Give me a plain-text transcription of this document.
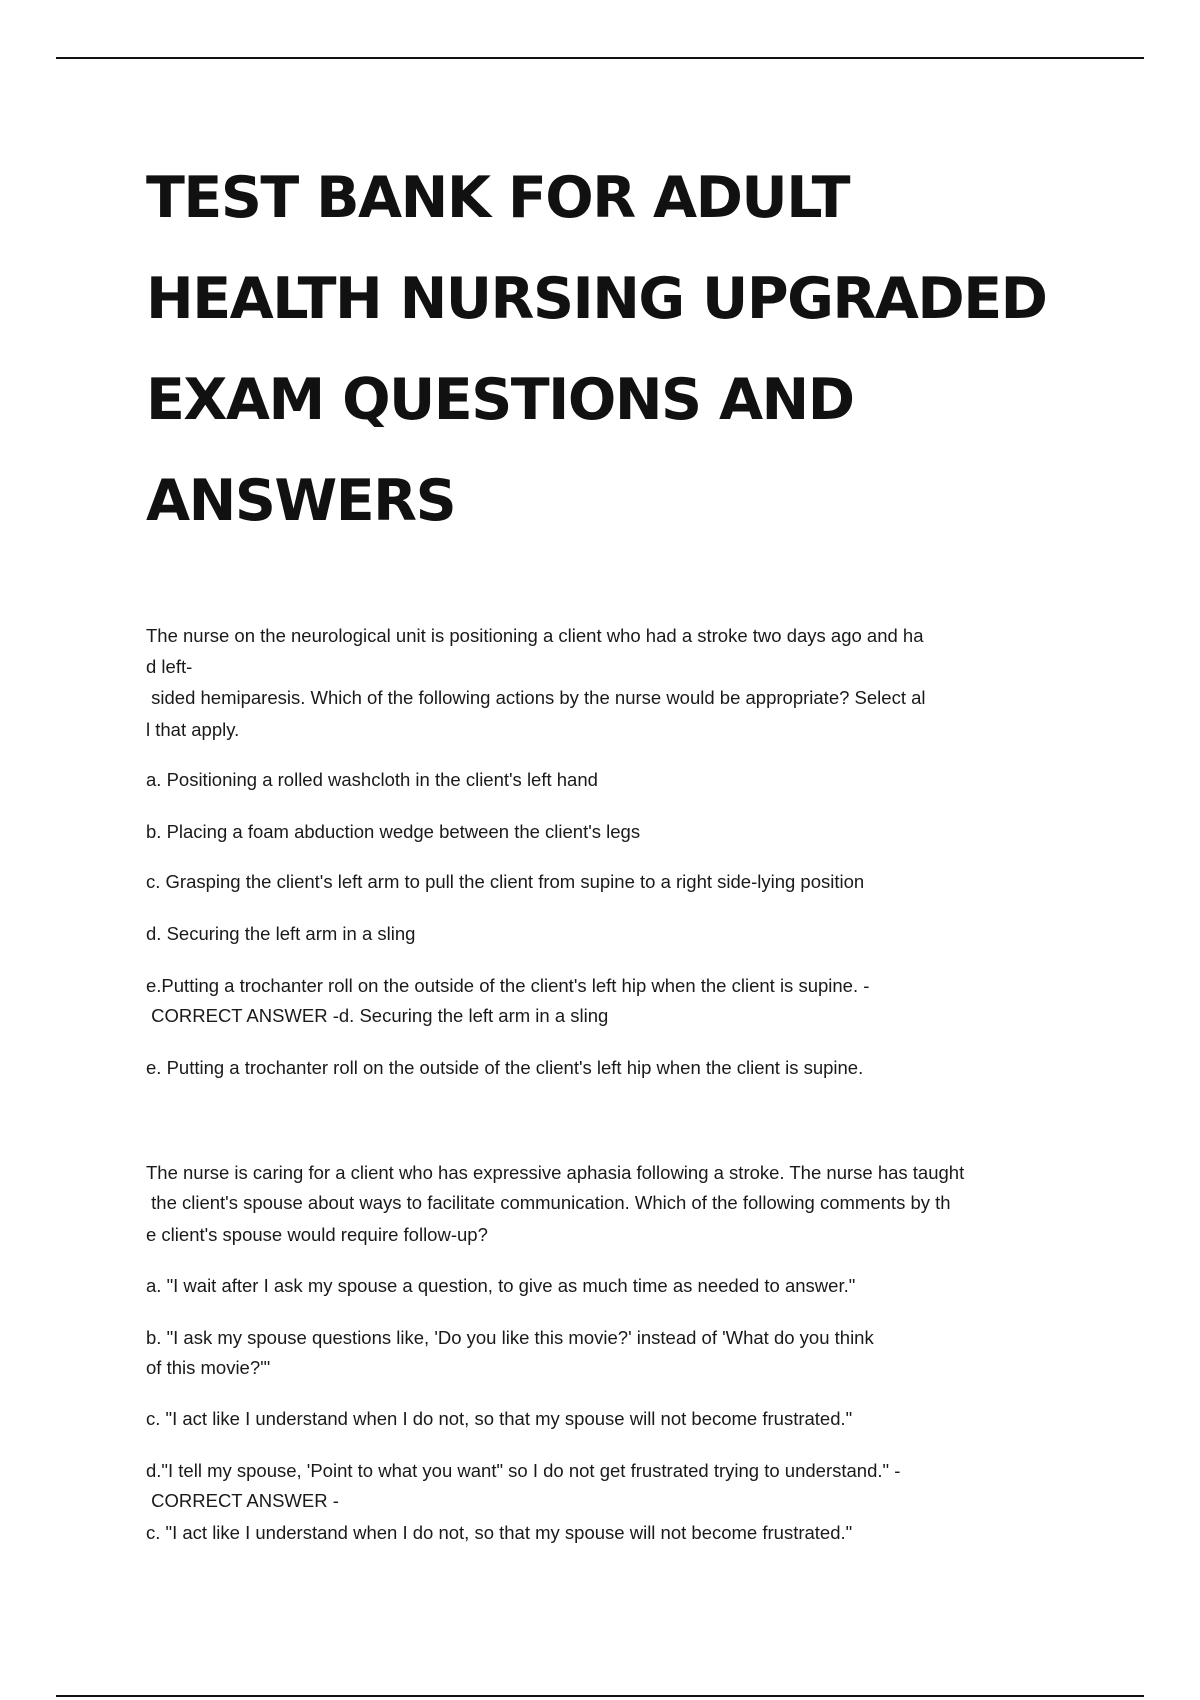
TEST BANK FOR ADULT
HEALTH NURSING UPGRADED
EXAM QUESTIONS AND
ANSWERS
The nurse on the neurological unit is positioning a client who had a stroke two days ago and ha
d left-
sided hemiparesis. Which of the following actions by the nurse would be appropriate? Select al
l that apply.
a. Positioning a rolled washcloth in the client's left hand
b. Placing a foam abduction wedge between the client's legs
c. Grasping the client's left arm to pull the client from supine to a right side-lying position
d. Securing the left arm in a sling
e.Putting a trochanter roll on the outside of the client's left hip when the client is supine. -
CORRECT ANSWER -d. Securing the left arm in a sling
e. Putting a trochanter roll on the outside of the client's left hip when the client is supine.
The nurse is caring for a client who has expressive aphasia following a stroke. The nurse has taught
the client's spouse about ways to facilitate communication. Which of the following comments by th
e client's spouse would require follow-up?
a. "I wait after I ask my spouse a question, to give as much time as needed to answer."
b. "I ask my spouse questions like, 'Do you like this movie?' instead of 'What do you think
of this movie?'"
c. "I act like I understand when I do not, so that my spouse will not become frustrated."
d."I tell my spouse, 'Point to what you want" so I do not get frustrated trying to understand." -
CORRECT ANSWER -
c. "I act like I understand when I do not, so that my spouse will not become frustrated."
